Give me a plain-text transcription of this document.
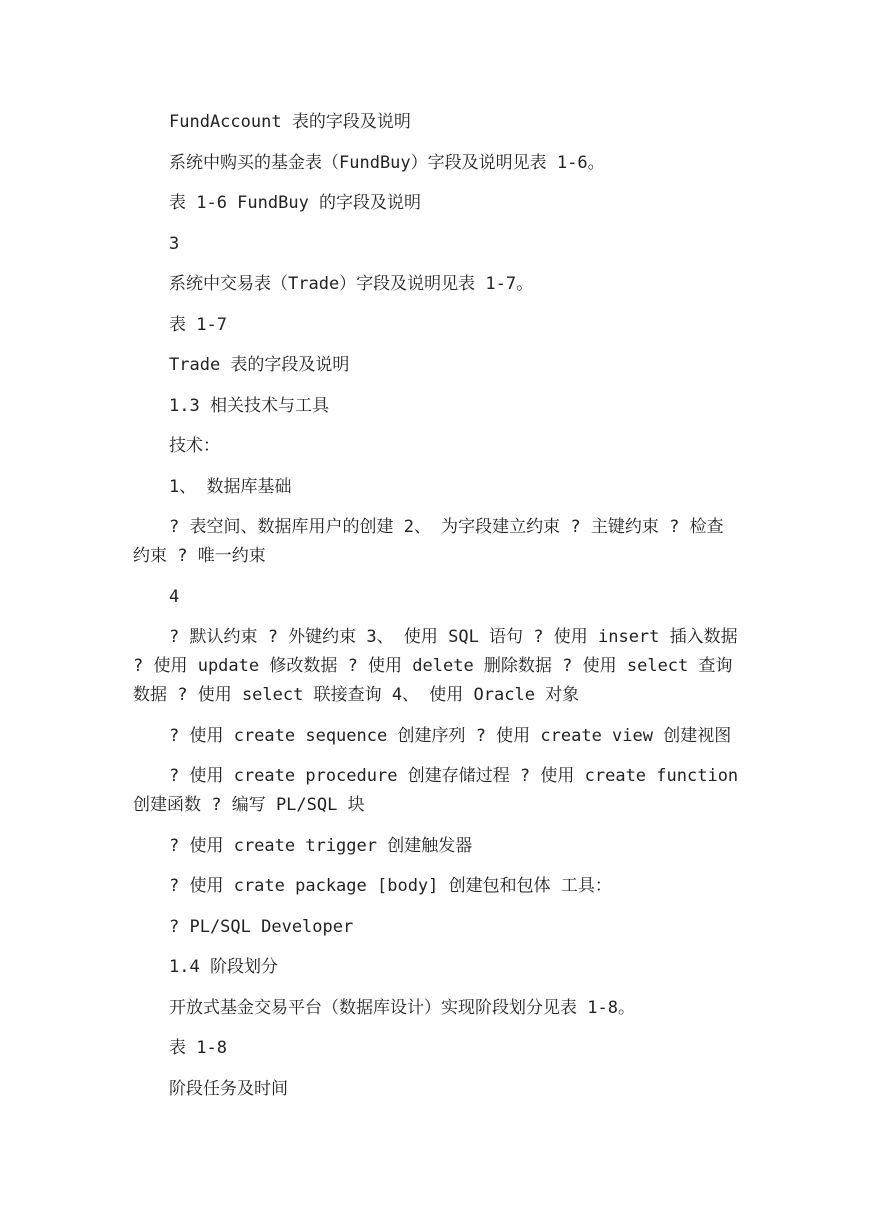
FundAccount 表的字段及说明

系统中购买的基金表（FundBuy）字段及说明见表 1-6。

表 1-6 FundBuy 的字段及说明

3

系统中交易表（Trade）字段及说明见表 1-7。

表 1-7

Trade 表的字段及说明

1.3 相关技术与工具

技术：

1、 数据库基础

? 表空间、数据库用户的创建 2、 为字段建立约束 ? 主键约束 ? 检查约束 ? 唯一约束

4

? 默认约束 ? 外键约束 3、 使用 SQL 语句 ? 使用 insert 插入数据 ? 使用 update 修改数据 ? 使用 delete 删除数据 ? 使用 select 查询数据 ? 使用 select 联接查询 4、 使用 Oracle 对象

? 使用 create sequence 创建序列 ? 使用 create view 创建视图

? 使用 create procedure 创建存储过程 ? 使用 create function 创建函数 ? 编写 PL/SQL 块

? 使用 create trigger 创建触发器

? 使用 crate package [body] 创建包和包体 工具：

? PL/SQL Developer

1.4 阶段划分

开放式基金交易平台（数据库设计）实现阶段划分见表 1-8。

表 1-8

阶段任务及时间
